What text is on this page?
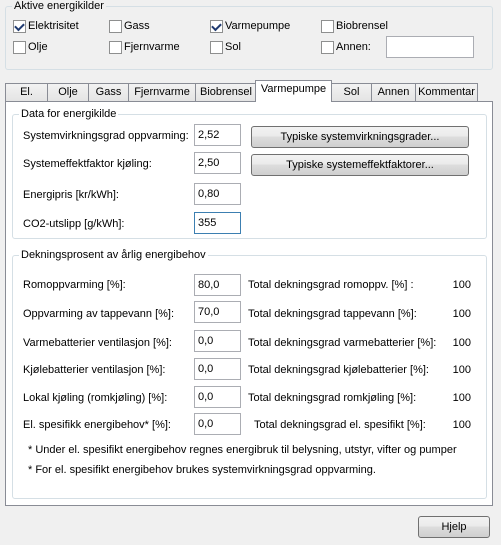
Aktive energikilder
Elektrisitet	Gass	Varmepumpe	Biobrensel
Olje	Fjernvarme	Sol	Annen:
El.	Olje	Gass	Fjernvarme Biobrensel Varmepumpe	Sol	Annen Kommentar
Data for energikilde
Systemvirkningsgrad oppvarming: 2,52	Typiske systemvirkningsgrader...
Systemeffektfaktor kjøling:	2,50	Typiske systemeffektfaktorer...
Energipris [kr/kWh]:	0,80
CO2-utslipp [g/kWh]:	355
Dekningsprosent av årlig energibehov
Romoppvarming [%]:	80,0	Total dekningsgrad romoppv. [%] :	100
Oppvarming av tappevann [%]:	70,0	Total dekningsgrad tappevann [%]:	100
Varmebatterier ventilasjon [%]:	0,0	Total dekningsgrad varmebatterier [%]:	100
Kjølebatterier ventilasjon [%]:	0,0	Total dekningsgrad kjølebatterier [%]:	100
Lokal kjøling (romkjøling) [%]:	0,0	Total dekningsgrad romkjøling [%]:	100
El. spesifikk energibehov* [%]:	0,0	Total dekningsgrad el. spesifikt [%]:	100
* Under el. spesifikt energibehov regnes energibruk til belysning, utstyr, vifter og pumper
* For el. spesifikt energibehov brukes systemvirkningsgrad oppvarming.
Hjelp
